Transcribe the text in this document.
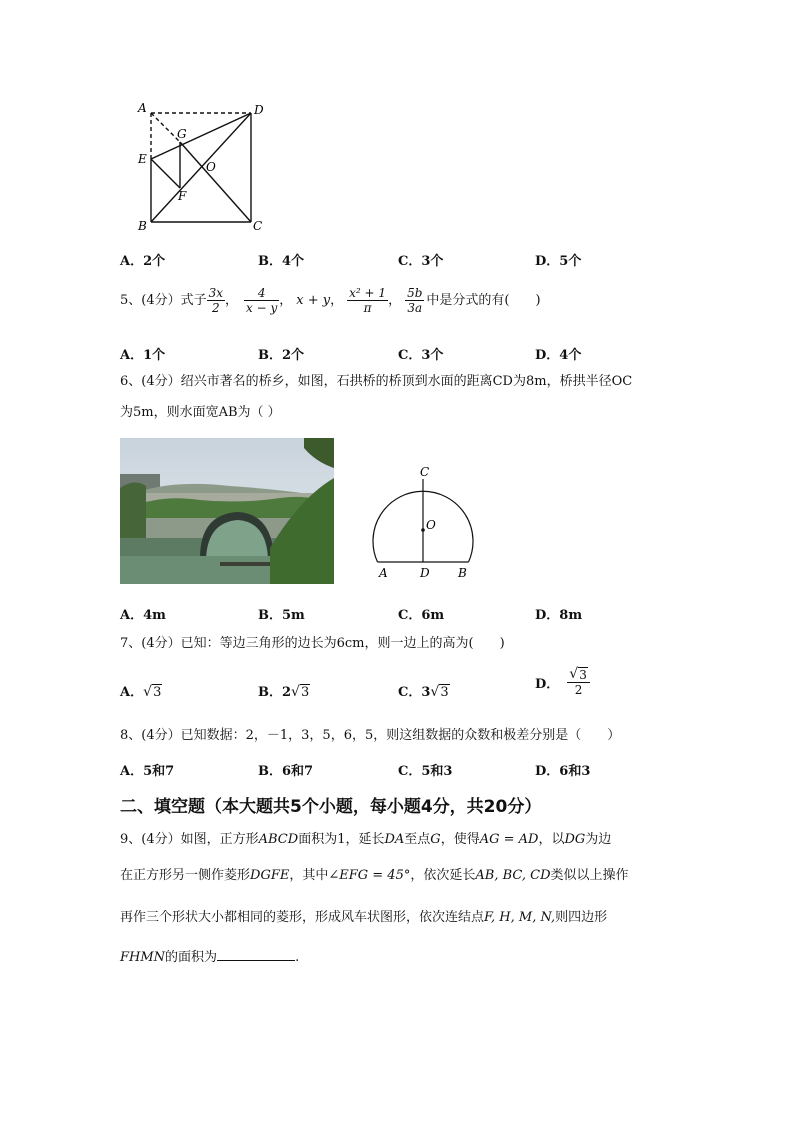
A	D
G
E
O
F
B	C
A．2个	B．4个	C．3个	D．5个
5、(4分）式子 $\frac{3x}{2}$ ， $\frac{4}{x - y}$ ， x + y ， $\frac{\text{x² + 1}}{\pi}$ ， $\frac{5b}{3a}$ 中是分式的有(　　)
A．1个	B．2个	C．3个	D．4个
6、(4分）绍兴市著名的桥乡，如图，石拱桥的桥顶到水面的距离CD为8m，桥拱半径OC
为5m，则水面宽AB为（ ）
C
O
A	D B
A．4m	B．5m	C．6m	D．8m
7、(4分）已知：等边三角形的边长为6cm，则一边上的高为(　　)
A． √ 3	B．2 √ 3	C．3 √ 3
D． √ $\frac{3}{2}$
8、(4分）已知数据：2，－1，3，5，6，5，则这组数据的众数和极差分别是（　　）
A．5和7	B．6和7	C．5和3	D．6和3
二、填空题（本大题共5个小题，每小题4分，共20分）
9、(4分）如图，正方形ABCD面积为1，延长DA至点G，使得AG = AD，以DG为边
在正方形另一侧作菱形DGFE，其中∠EFG = 45°，依次延长AB, BC, CD类似以上操作
再作三个形状大小都相同的菱形，形成风车状图形，依次连结点F, H, M, N,则四边形
FHMN的面积为	.
